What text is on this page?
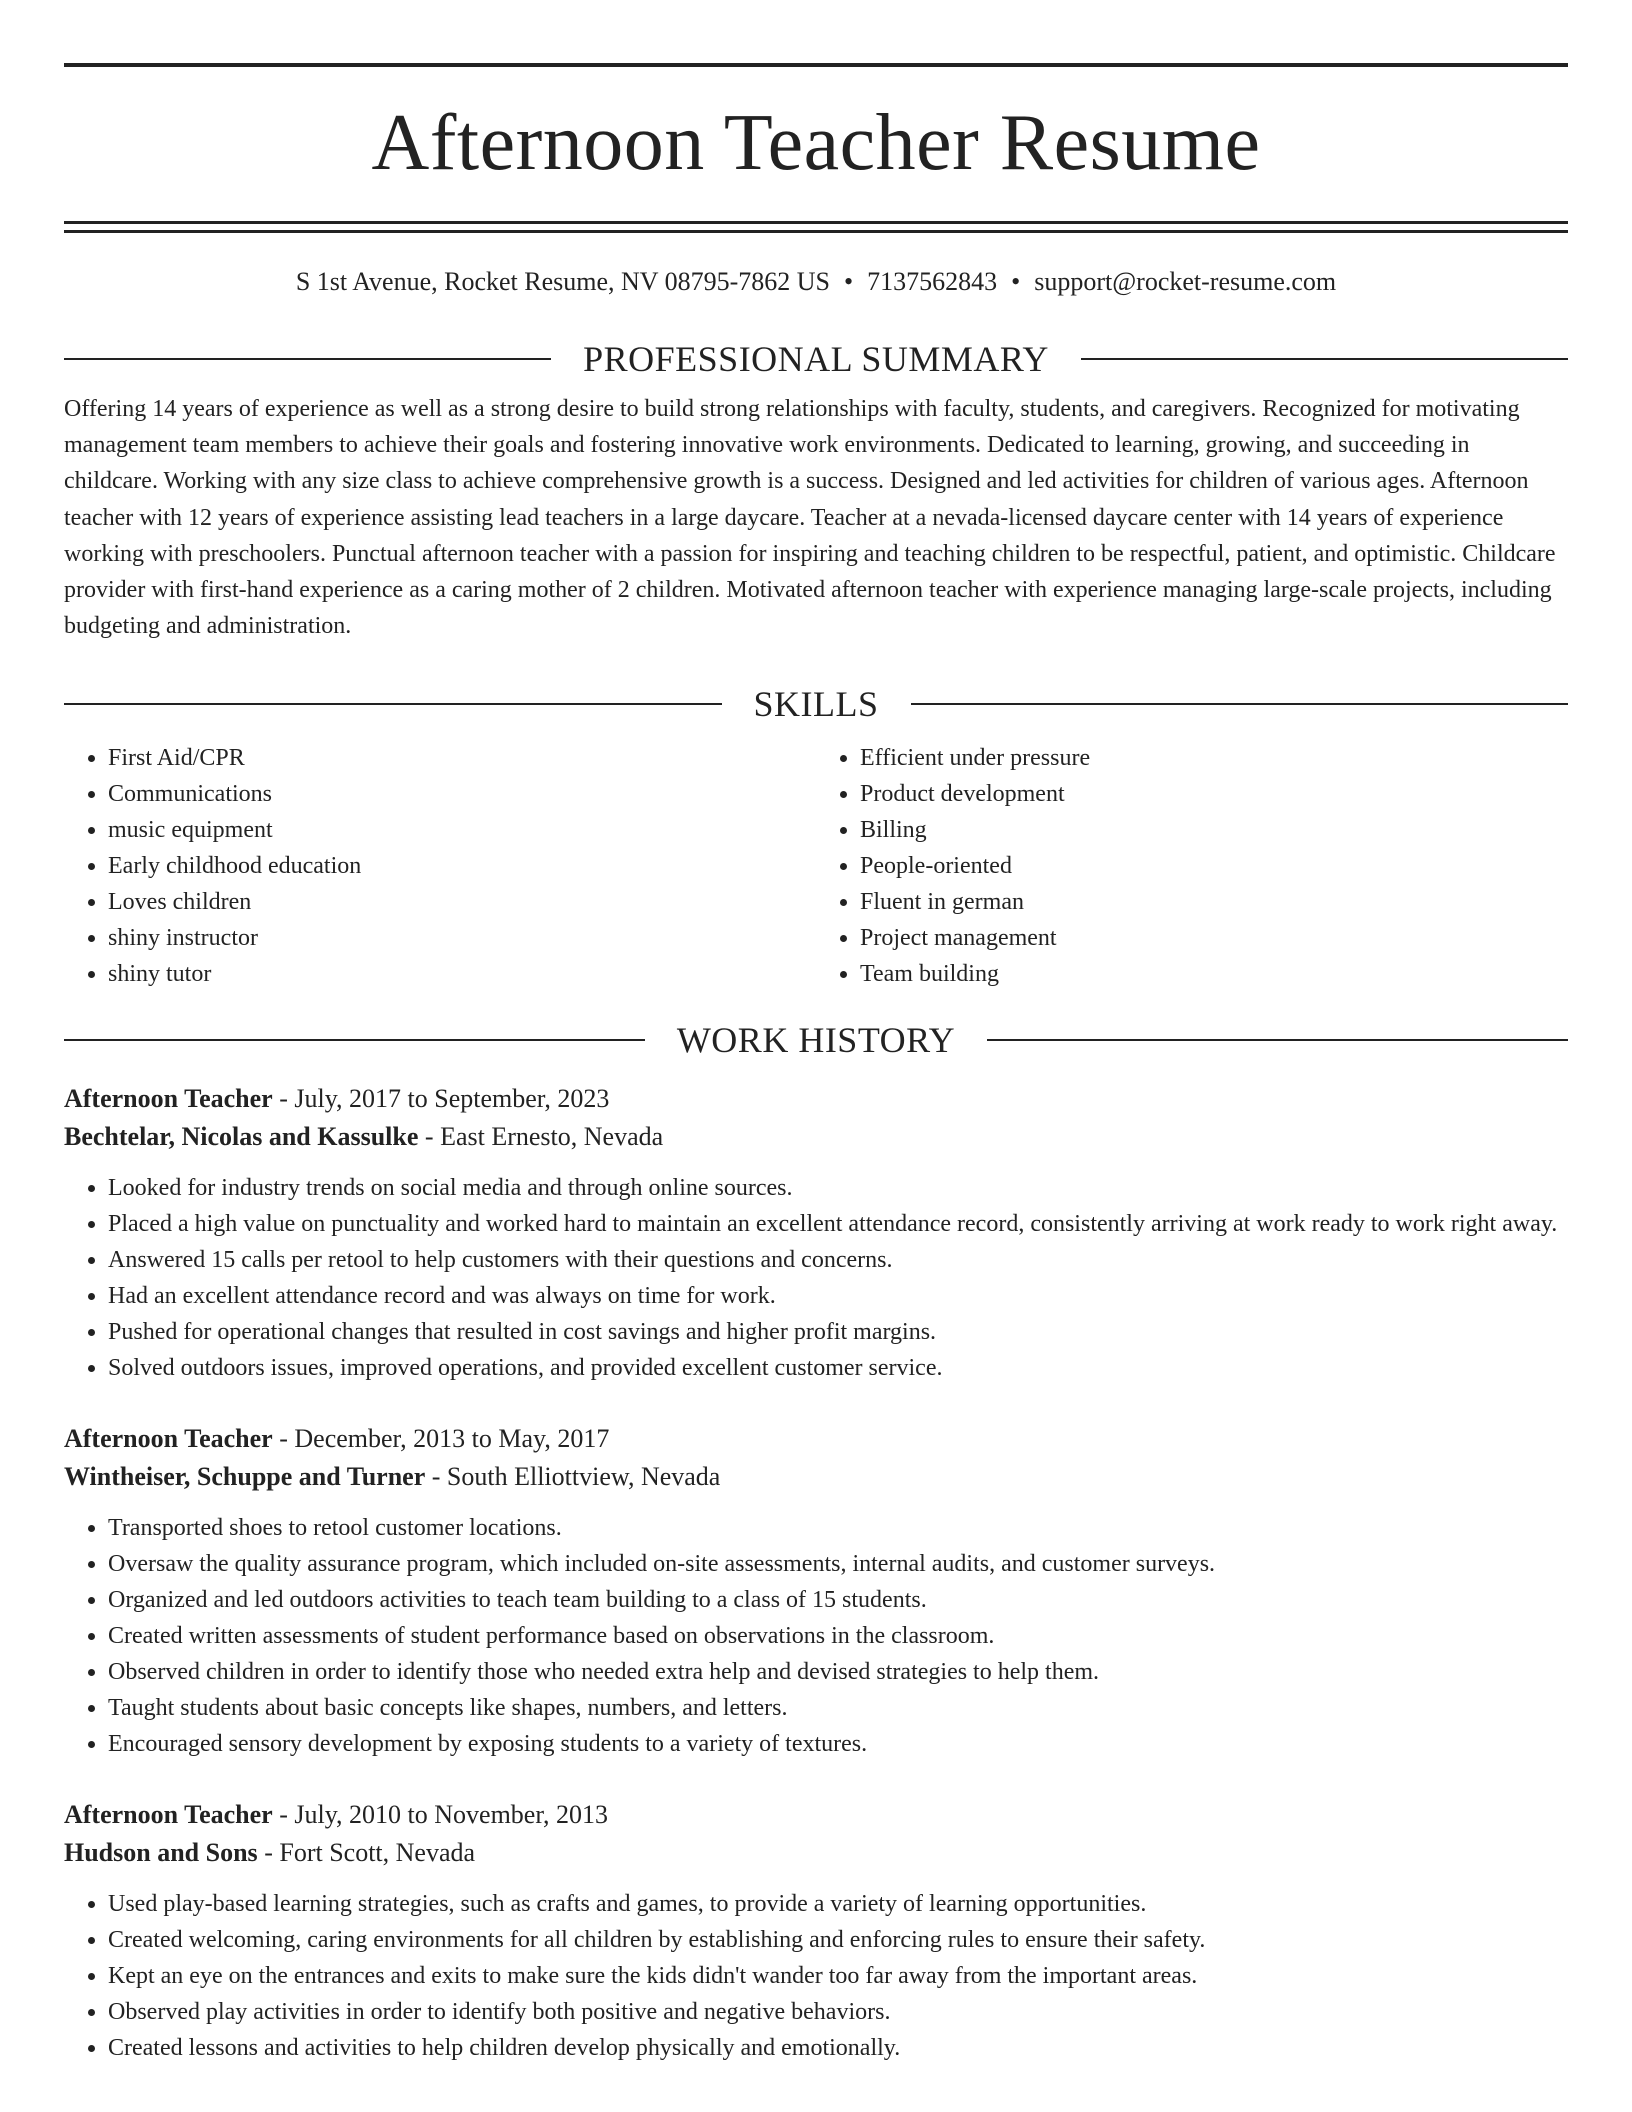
Afternoon Teacher Resume
S 1st Avenue, Rocket Resume, NV 08795-7862 US • 7137562843 • support@rocket-resume.com
PROFESSIONAL SUMMARY
Offering 14 years of experience as well as a strong desire to build strong relationships with faculty, students, and caregivers. Recognized for motivating management team members to achieve their goals and fostering innovative work environments. Dedicated to learning, growing, and succeeding in childcare. Working with any size class to achieve comprehensive growth is a success. Designed and led activities for children of various ages. Afternoon teacher with 12 years of experience assisting lead teachers in a large daycare. Teacher at a nevada-licensed daycare center with 14 years of experience working with preschoolers. Punctual afternoon teacher with a passion for inspiring and teaching children to be respectful, patient, and optimistic. Childcare provider with first-hand experience as a caring mother of 2 children. Motivated afternoon teacher with experience managing large-scale projects, including budgeting and administration.
SKILLS
• First Aid/CPR
• Communications
• music equipment
• Early childhood education
• Loves children
• shiny instructor
• shiny tutor
• Efficient under pressure
• Product development
• Billing
• People-oriented
• Fluent in german
• Project management
• Team building
WORK HISTORY
Afternoon Teacher - July, 2017 to September, 2023
Bechtelar, Nicolas and Kassulke - East Ernesto, Nevada
• Looked for industry trends on social media and through online sources.
• Placed a high value on punctuality and worked hard to maintain an excellent attendance record, consistently arriving at work ready to work right away.
• Answered 15 calls per retool to help customers with their questions and concerns.
• Had an excellent attendance record and was always on time for work.
• Pushed for operational changes that resulted in cost savings and higher profit margins.
• Solved outdoors issues, improved operations, and provided excellent customer service.
Afternoon Teacher - December, 2013 to May, 2017
Wintheiser, Schuppe and Turner - South Elliottview, Nevada
• Transported shoes to retool customer locations.
• Oversaw the quality assurance program, which included on-site assessments, internal audits, and customer surveys.
• Organized and led outdoors activities to teach team building to a class of 15 students.
• Created written assessments of student performance based on observations in the classroom.
• Observed children in order to identify those who needed extra help and devised strategies to help them.
• Taught students about basic concepts like shapes, numbers, and letters.
• Encouraged sensory development by exposing students to a variety of textures.
Afternoon Teacher - July, 2010 to November, 2013
Hudson and Sons - Fort Scott, Nevada
• Used play-based learning strategies, such as crafts and games, to provide a variety of learning opportunities.
• Created welcoming, caring environments for all children by establishing and enforcing rules to ensure their safety.
• Kept an eye on the entrances and exits to make sure the kids didn't wander too far away from the important areas.
• Observed play activities in order to identify both positive and negative behaviors.
• Created lessons and activities to help children develop physically and emotionally.
